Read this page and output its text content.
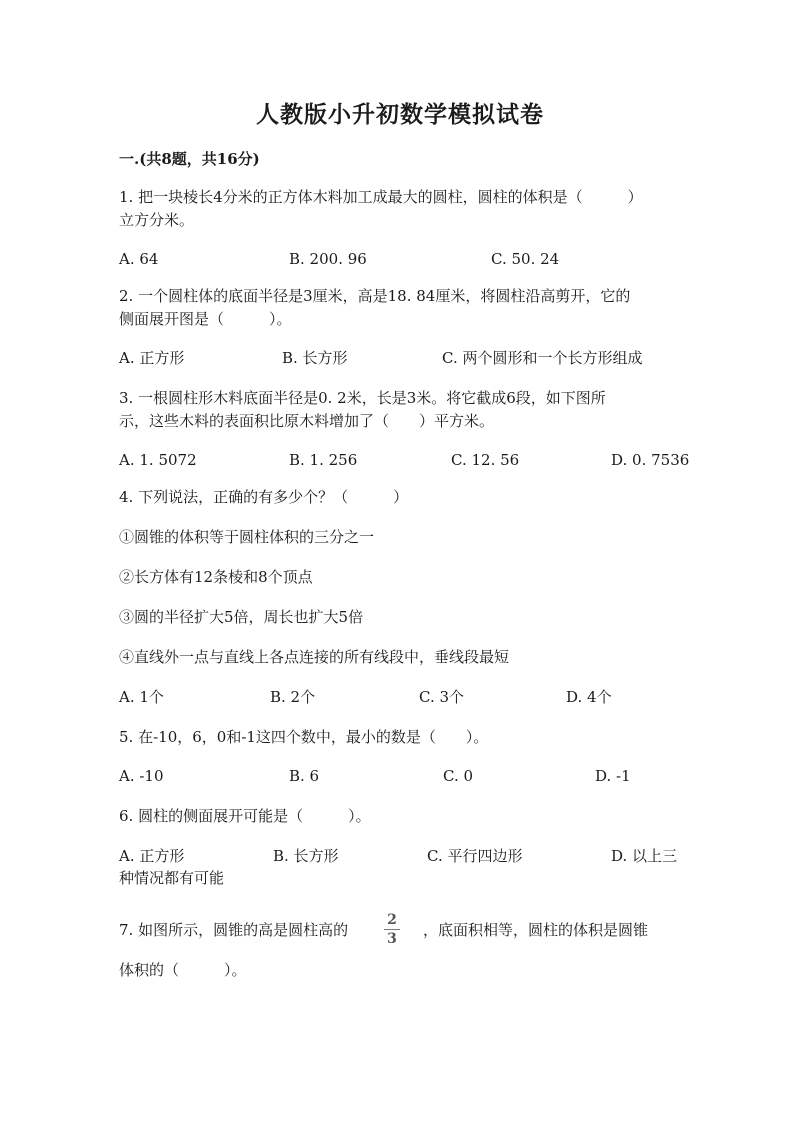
人教版小升初数学模拟试卷
一.(共8题，共16分)
1. 把一块棱长4分米的正方体木料加工成最大的圆柱，圆柱的体积是（　　　）
立方分米。
A. 64	B. 200. 96	C. 50. 24
2. 一个圆柱体的底面半径是3厘米，高是18. 84厘米，将圆柱沿高剪开，它的
侧面展开图是（　　　）。
A. 正方形	B. 长方形	C. 两个圆形和一个长方形组成
3. 一根圆柱形木料底面半径是0. 2米，长是3米。将它截成6段，如下图所
示，这些木料的表面积比原木料增加了（　　）平方米。
A. 1. 5072	B. 1. 256	C. 12. 56	D. 0. 7536
4. 下列说法，正确的有多少个？（　　　）
①圆锥的体积等于圆柱体积的三分之一
②长方体有12条棱和8个顶点
③圆的半径扩大5倍，周长也扩大5倍
④直线外一点与直线上各点连接的所有线段中，垂线段最短
A. 1个	B. 2个	C. 3个	D. 4个
5. 在-10，6，0和-1这四个数中，最小的数是（　　）。
A. -10	B. 6	C. 0	D. -1
6. 圆柱的侧面展开可能是（　　　）。
A. 正方形	B. 长方形	C. 平行四边形	D. 以上三
种情况都有可能
7. 如图所示，圆锥的高是圆柱高的
2
3	，底面积相等，圆柱的体积是圆锥
体积的（　　　）。
